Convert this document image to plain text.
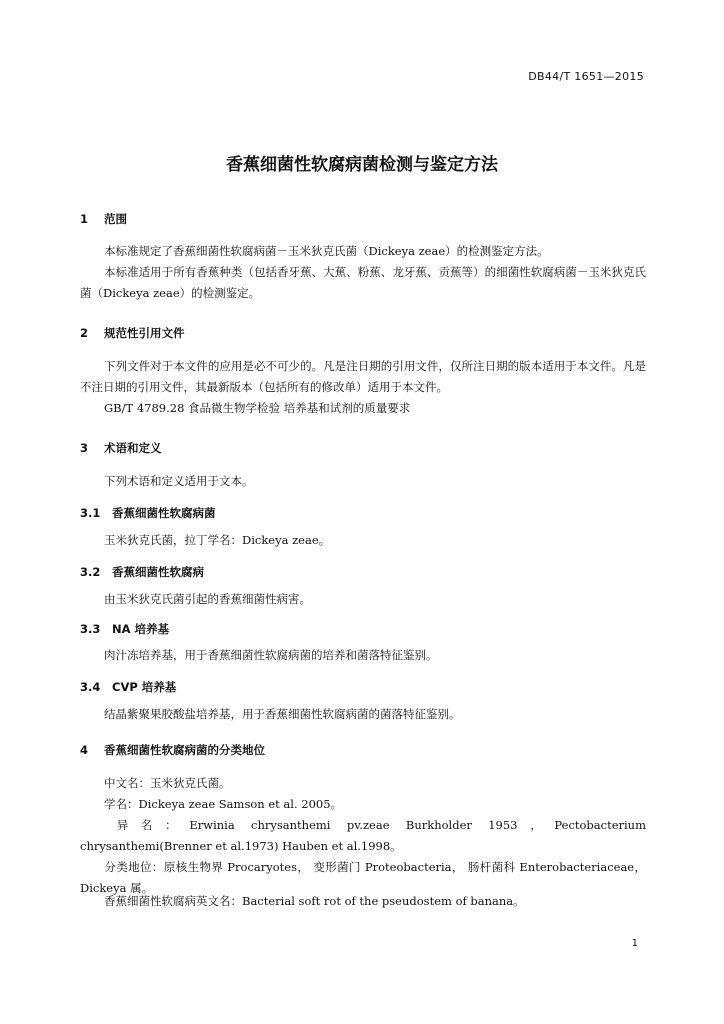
DB44/T 1651—2015
香蕉细菌性软腐病菌检测与鉴定方法
1 范围
本标准规定了香蕉细菌性软腐病菌－玉米狄克氏菌（Dickeya zeae）的检测鉴定方法。
本标准适用于所有香蕉种类（包括香牙蕉、大蕉、粉蕉、龙牙蕉、贡蕉等）的细菌性软腐病菌－玉米狄克氏菌（Dickeya zeae）的检测鉴定。
2 规范性引用文件
下列文件对于本文件的应用是必不可少的。凡是注日期的引用文件，仅所注日期的版本适用于本文件。凡是不注日期的引用文件，其最新版本（包括所有的修改单）适用于本文件。
GB/T 4789.28 食品微生物学检验 培养基和试剂的质量要求
3 术语和定义
下列术语和定义适用于文本。
3.1 香蕉细菌性软腐病菌
玉米狄克氏菌，拉丁学名：Dickeya zeae。
3.2 香蕉细菌性软腐病
由玉米狄克氏菌引起的香蕉细菌性病害。
3.3 NA 培养基
肉汁冻培养基，用于香蕉细菌性软腐病菌的培养和菌落特征鉴别。
3.4 CVP 培养基
结晶紫聚果胶酸盐培养基，用于香蕉细菌性软腐病菌的菌落特征鉴别。
4 香蕉细菌性软腐病菌的分类地位
中文名：玉米狄克氏菌。
学名：Dickeya zeae Samson et al. 2005。
异名：Erwinia chrysanthemi pv.zeae Burkholder 1953，Pectobacterium chrysanthemi(Brenner et al.1973) Hauben et al.1998。
分类地位：原核生物界 Procaryotes， 变形菌门 Proteobacteria， 肠杆菌科 Enterobacteriaceae，Dickeya 属。
香蕉细菌性软腐病英文名：Bacterial soft rot of the pseudostem of banana。
1
